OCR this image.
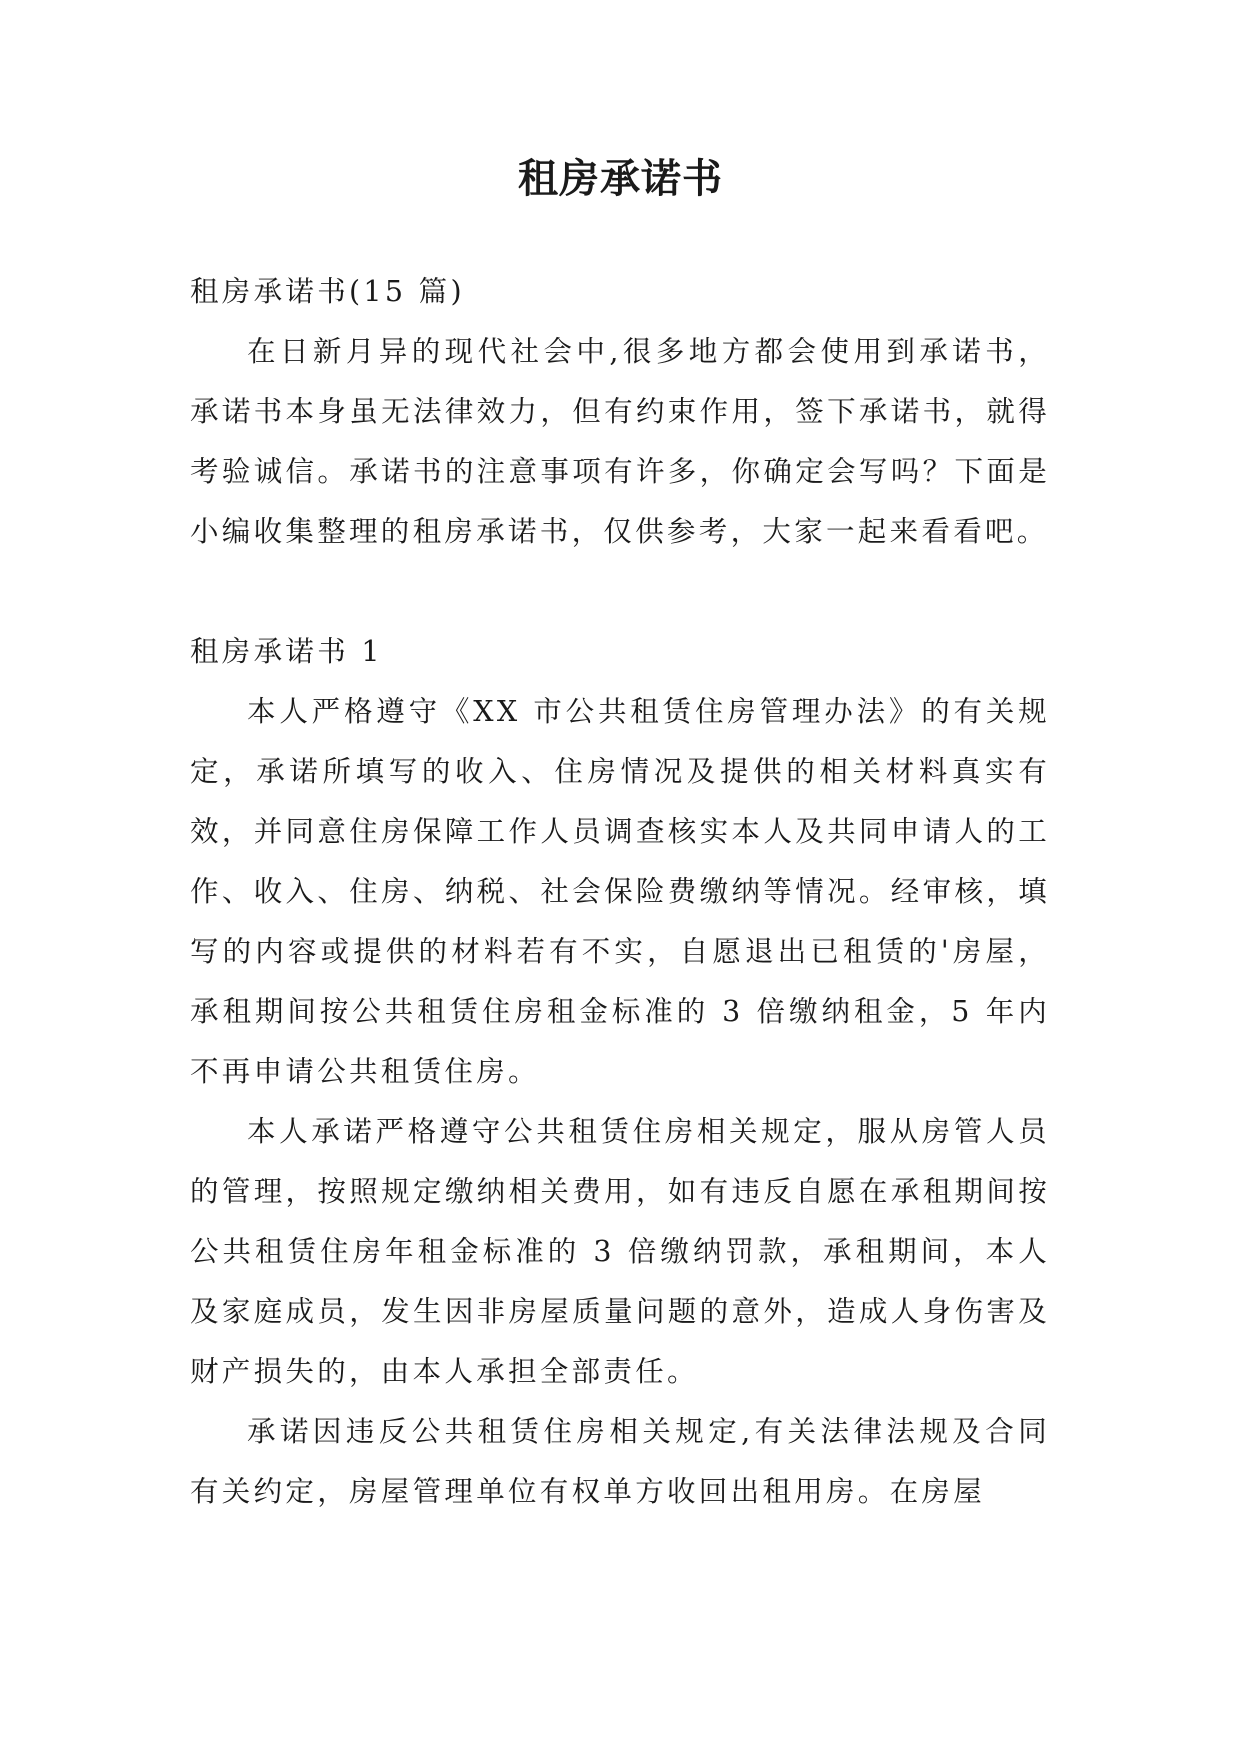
租房承诺书

租房承诺书(15 篇)

在日新月异的现代社会中,很多地方都会使用到承诺书，承诺书本身虽无法律效力，但有约束作用，签下承诺书，就得考验诚信。承诺书的注意事项有许多，你确定会写吗？下面是小编收集整理的租房承诺书，仅供参考，大家一起来看看吧。

租房承诺书 1

本人严格遵守《XX 市公共租赁住房管理办法》的有关规定，承诺所填写的收入、住房情况及提供的相关材料真实有效，并同意住房保障工作人员调查核实本人及共同申请人的工作、收入、住房、纳税、社会保险费缴纳等情况。经审核，填写的内容或提供的材料若有不实，自愿退出已租赁的'房屋，承租期间按公共租赁住房租金标准的 3 倍缴纳租金，5 年内不再申请公共租赁住房。

本人承诺严格遵守公共租赁住房相关规定，服从房管人员的管理，按照规定缴纳相关费用，如有违反自愿在承租期间按公共租赁住房年租金标准的 3 倍缴纳罚款，承租期间，本人及家庭成员，发生因非房屋质量问题的意外，造成人身伤害及财产损失的，由本人承担全部责任。

承诺因违反公共租赁住房相关规定,有关法律法规及合同有关约定，房屋管理单位有权单方收回出租用房。在房屋
